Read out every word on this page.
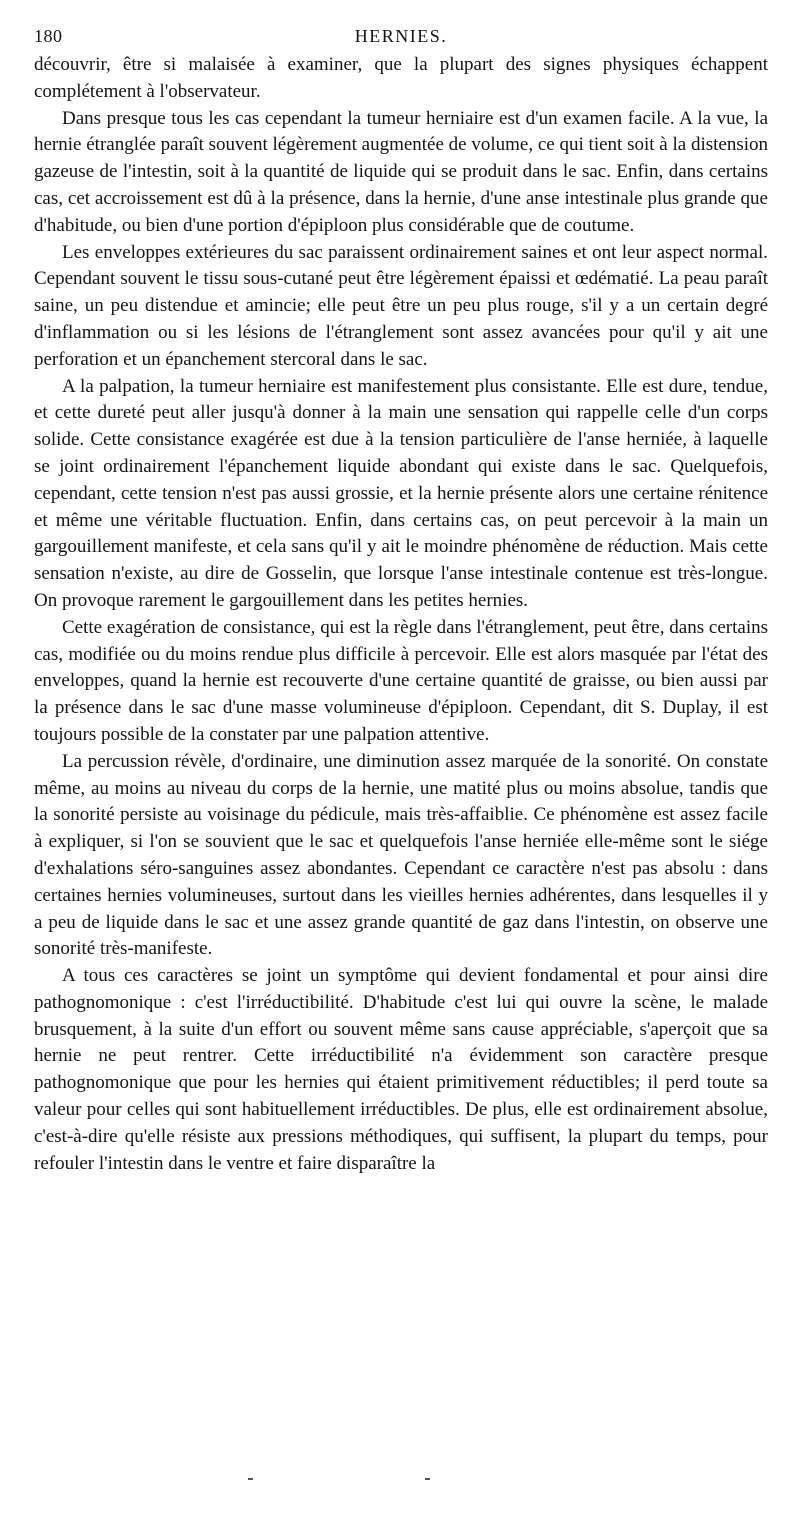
180	HERNIES.

découvrir, être si malaisée à examiner, que la plupart des signes physiques échappent complétement à l'observateur.

Dans presque tous les cas cependant la tumeur herniaire est d'un examen facile. A la vue, la hernie étranglée paraît souvent légèrement augmentée de volume, ce qui tient soit à la distension gazeuse de l'intestin, soit à la quantité de liquide qui se produit dans le sac. Enfin, dans certains cas, cet accroissement est dû à la présence, dans la hernie, d'une anse intestinale plus grande que d'habitude, ou bien d'une portion d'épiploon plus considérable que de coutume.

Les enveloppes extérieures du sac paraissent ordinairement saines et ont leur aspect normal. Cependant souvent le tissu sous-cutané peut être légèrement épaissi et œdématié. La peau paraît saine, un peu distendue et amincie; elle peut être un peu plus rouge, s'il y a un certain degré d'inflammation ou si les lésions de l'étranglement sont assez avancées pour qu'il y ait une perforation et un épanchement stercoral dans le sac.

A la palpation, la tumeur herniaire est manifestement plus consistante. Elle est dure, tendue, et cette dureté peut aller jusqu'à donner à la main une sensation qui rappelle celle d'un corps solide. Cette consistance exagérée est due à la tension particulière de l'anse herniée, à laquelle se joint ordinairement l'épanchement liquide abondant qui existe dans le sac. Quelquefois, cependant, cette tension n'est pas aussi grossie, et la hernie présente alors une certaine rénitence et même une véritable fluctuation. Enfin, dans certains cas, on peut percevoir à la main un gargouillement manifeste, et cela sans qu'il y ait le moindre phénomène de réduction. Mais cette sensation n'existe, au dire de Gosselin, que lorsque l'anse intestinale contenue est très-longue. On provoque rarement le gargouillement dans les petites hernies.

Cette exagération de consistance, qui est la règle dans l'étranglement, peut être, dans certains cas, modifiée ou du moins rendue plus difficile à percevoir. Elle est alors masquée par l'état des enveloppes, quand la hernie est recouverte d'une certaine quantité de graisse, ou bien aussi par la présence dans le sac d'une masse volumineuse d'épiploon. Cependant, dit S. Duplay, il est toujours possible de la constater par une palpation attentive.

La percussion révèle, d'ordinaire, une diminution assez marquée de la sonorité. On constate même, au moins au niveau du corps de la hernie, une matité plus ou moins absolue, tandis que la sonorité persiste au voisinage du pédicule, mais très-affaiblie. Ce phénomène est assez facile à expliquer, si l'on se souvient que le sac et quelquefois l'anse herniée elle-même sont le siége d'exhalations séro-sanguines assez abondantes. Cependant ce caractère n'est pas absolu : dans certaines hernies volumineuses, surtout dans les vieilles hernies adhérentes, dans lesquelles il y a peu de liquide dans le sac et une assez grande quantité de gaz dans l'intestin, on observe une sonorité très-manifeste.

A tous ces caractères se joint un symptôme qui devient fondamental et pour ainsi dire pathognomonique : c'est l'irréductibilité. D'habitude c'est lui qui ouvre la scène, le malade brusquement, à la suite d'un effort ou souvent même sans cause appréciable, s'aperçoit que sa hernie ne peut rentrer. Cette irréductibilité n'a évidemment son caractère presque pathognomonique que pour les hernies qui étaient primitivement réductibles; il perd toute sa valeur pour celles qui sont habituellement irréductibles. De plus, elle est ordinairement absolue, c'est-à-dire qu'elle résiste aux pressions méthodiques, qui suffisent, la plupart du temps, pour refouler l'intestin dans le ventre et faire disparaître la
